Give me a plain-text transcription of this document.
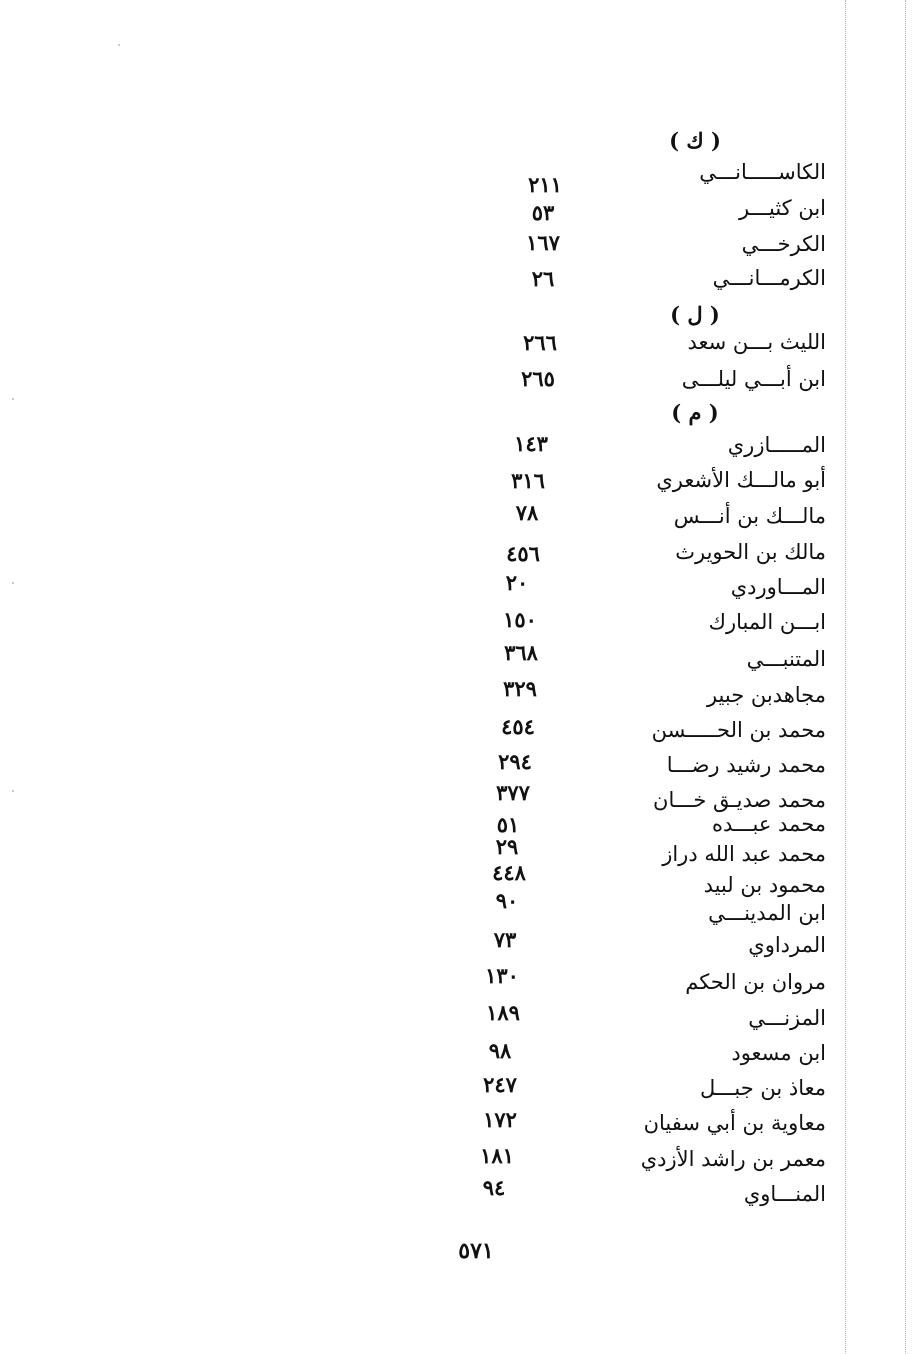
( ك )
الكاســـــانـــي
٢١١
ابن كثيـــر
٥٣
الكرخـــي
١٦٧
الكرمـــانـــي
٢٦
( ل )
الليث بـــن سعد
٢٦٦
ابن أبـــي ليلـــى
٢٦٥
( م )
المـــــازري
١٤٣
أبو مالـــك الأشعري
٣١٦
مالـــك بن أنـــس
٧٨
مالك بن الحويرث
٤٥٦
المـــاوردي
٢٠
ابـــن المبارك
١٥٠
المتنبـــي
٣٦٨
مجاهدبن جبير
٣٢٩
محمد بن الحـــــسن
٤٥٤
محمد رشيد رضـــا
٢٩٤
محمد صديـق خـــان
٣٧٧
محمد عبـــده
٥١
محمد عبد الله دراز
٢٩
محمود بن لبيد
٤٤٨
ابن المدينـــي
٩٠
المرداوي
٧٣
مروان بن الحكم
١٣٠
المزنـــي
١٨٩
ابن مسعود
٩٨
معاذ بن جبـــل
٢٤٧
معاوية بن أبي سفيان
١٧٢
معمر بن راشد الأزدي
١٨١
المنـــاوي
٩٤
٥٧١
